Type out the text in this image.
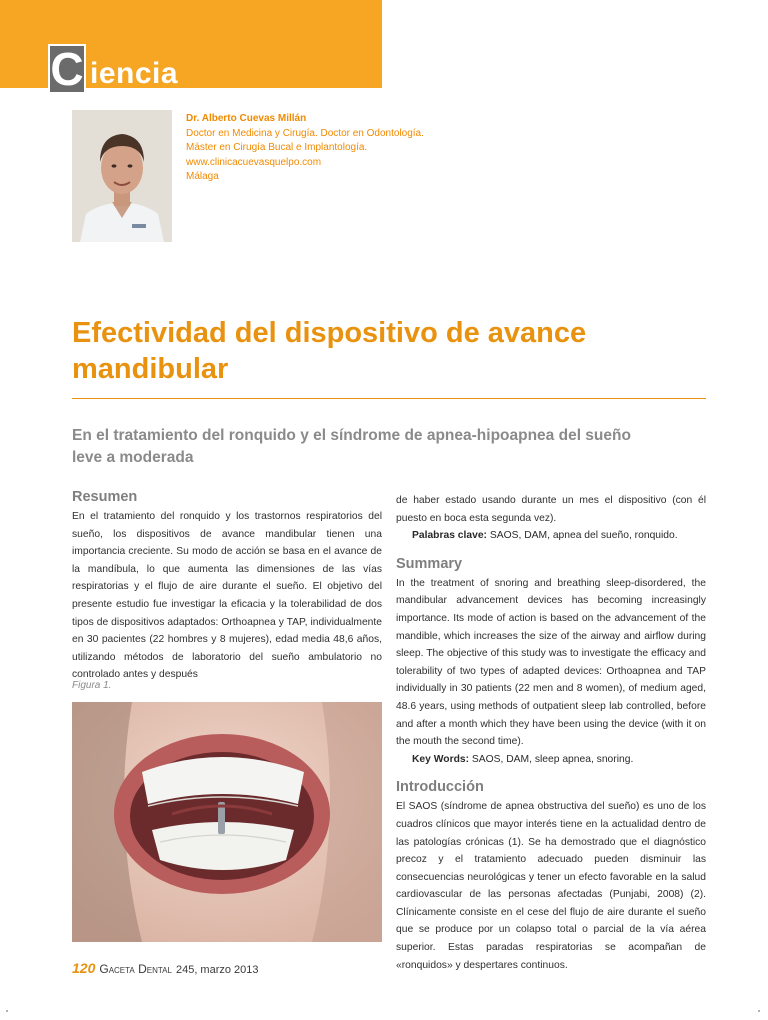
C iencia
Dr. Alberto Cuevas Millán
Doctor en Medicina y Cirugía. Doctor en Odontología.
Máster en Cirugía Bucal e Implantología.
www.clinicacuevasquelpo.com
Málaga
Efectividad del dispositivo de avance mandibular
En el tratamiento del ronquido y el síndrome de apnea-hipoapnea del sueño leve a moderada
Resumen

En el tratamiento del ronquido y los trastornos respiratorios del sueño, los dispositivos de avance mandibular tienen una importancia creciente. Su modo de acción se basa en el avance de la mandíbula, lo que aumenta las dimensiones de las vías respiratorias y el flujo de aire durante el sueño. El objetivo del presente estudio fue investigar la eficacia y la tolerabilidad de dos tipos de dispositivos adaptados: Orthoapnea y TAP, individualmente en 30 pacientes (22 hombres y 8 mujeres), edad media 48,6 años, utilizando métodos de laboratorio del sueño ambulatorio no controlado antes y después

Figura 1.

de haber estado usando durante un mes el dispositivo (con él puesto en boca esta segunda vez).

Palabras clave: SAOS, DAM, apnea del sueño, ronquido.

Summary

In the treatment of snoring and breathing sleep-disordered, the mandibular advancement devices has becoming increasingly importance. Its mode of action is based on the advancement of the mandible, which increases the size of the airway and airflow during sleep. The objective of this study was to investigate the efficacy and tolerability of two types of adapted devices: Orthoapnea and TAP individually in 30 patients (22 men and 8 women), of medium aged, 48.6 years, using methods of outpatient sleep lab controlled, before and after a month which they have been using the device (with it on the mouth the second time).

Key Words: SAOS, DAM, sleep apnea, snoring.

Introducción

El SAOS (síndrome de apnea obstructiva del sueño) es uno de los cuadros clínicos que mayor interés tiene en la actualidad dentro de las patologías crónicas (1). Se ha demostrado que el diagnóstico precoz y el tratamiento adecuado pueden disminuir las consecuencias neurológicas y tener un efecto favorable en la salud cardiovascular de las personas afectadas (Punjabi, 2008) (2). Clínicamente consiste en el cese del flujo de aire durante el sueño que se produce por un colapso total o parcial de la vía aérea superior. Estas paradas respiratorias se acompañan de «ronquidos» y despertares continuos.

120 Gaceta Dental 245, marzo 2013
